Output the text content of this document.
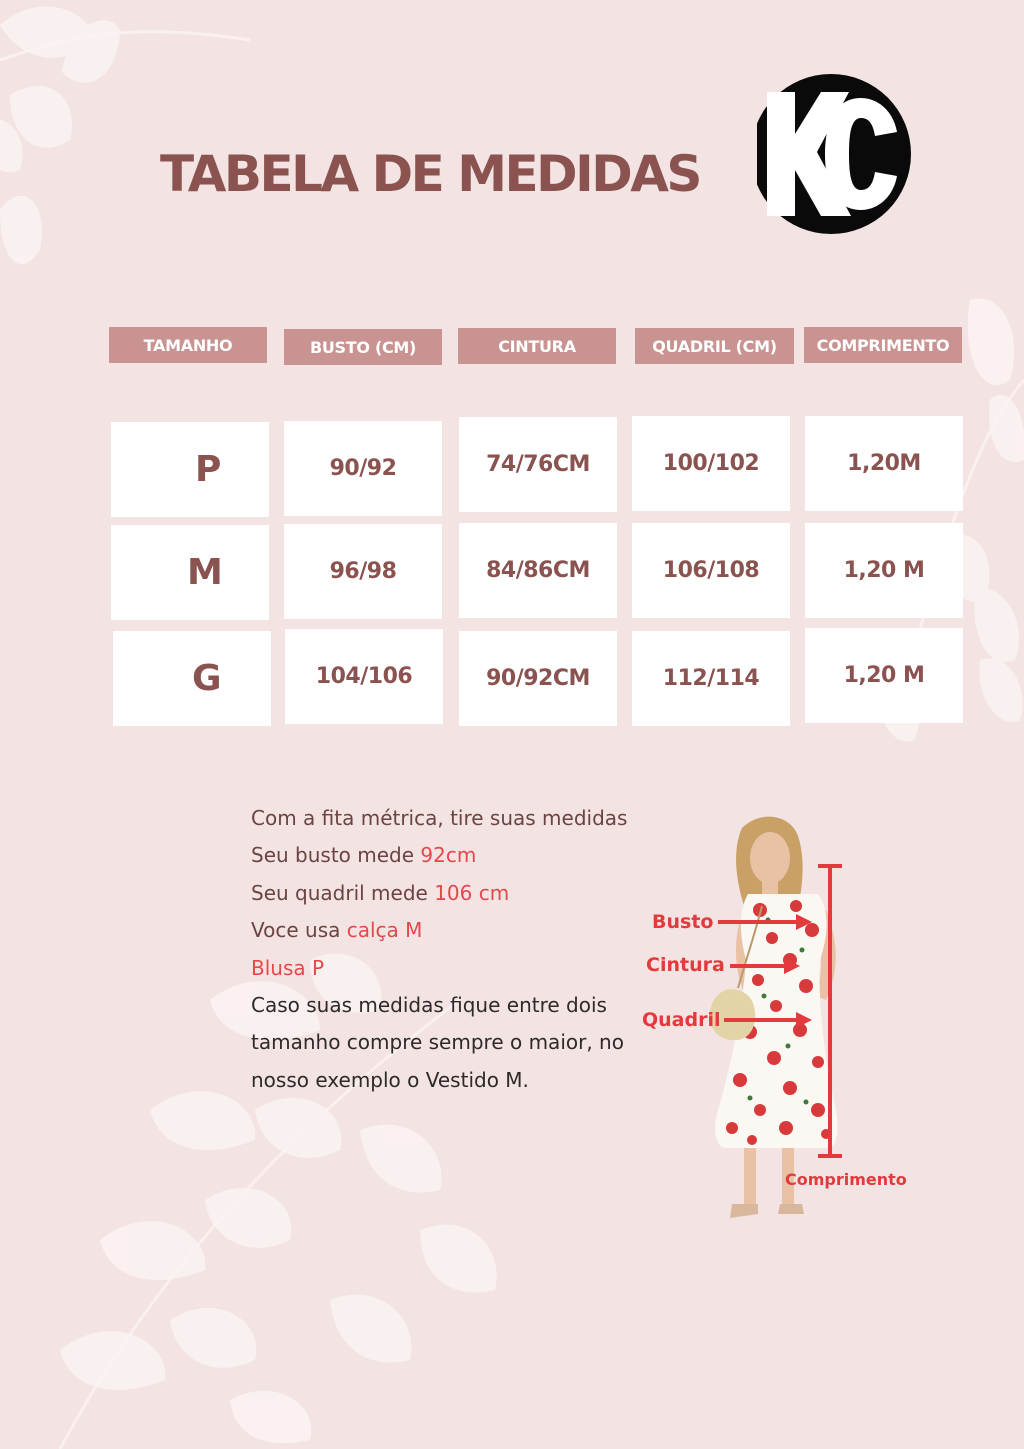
TABELA DE MEDIDAS
TAMANHO	BUSTO (CM)	CINTURA	QUADRIL (CM)	COMPRIMENTO
P	90/92	74/76CM	100/102	1,20M
M	96/98	84/86CM	106/108	1,20 M
G	104/106	90/92CM	112/114	1,20 M
Com a fita métrica, tire suas medidas
Seu busto mede 92cm
Seu quadril mede 106 cm
Voce usa calça M
Blusa P
Caso suas medidas fique entre dois
tamanho compre sempre o maior, no
nosso exemplo o Vestido M.
Busto
Cintura
Quadril
Comprimento
